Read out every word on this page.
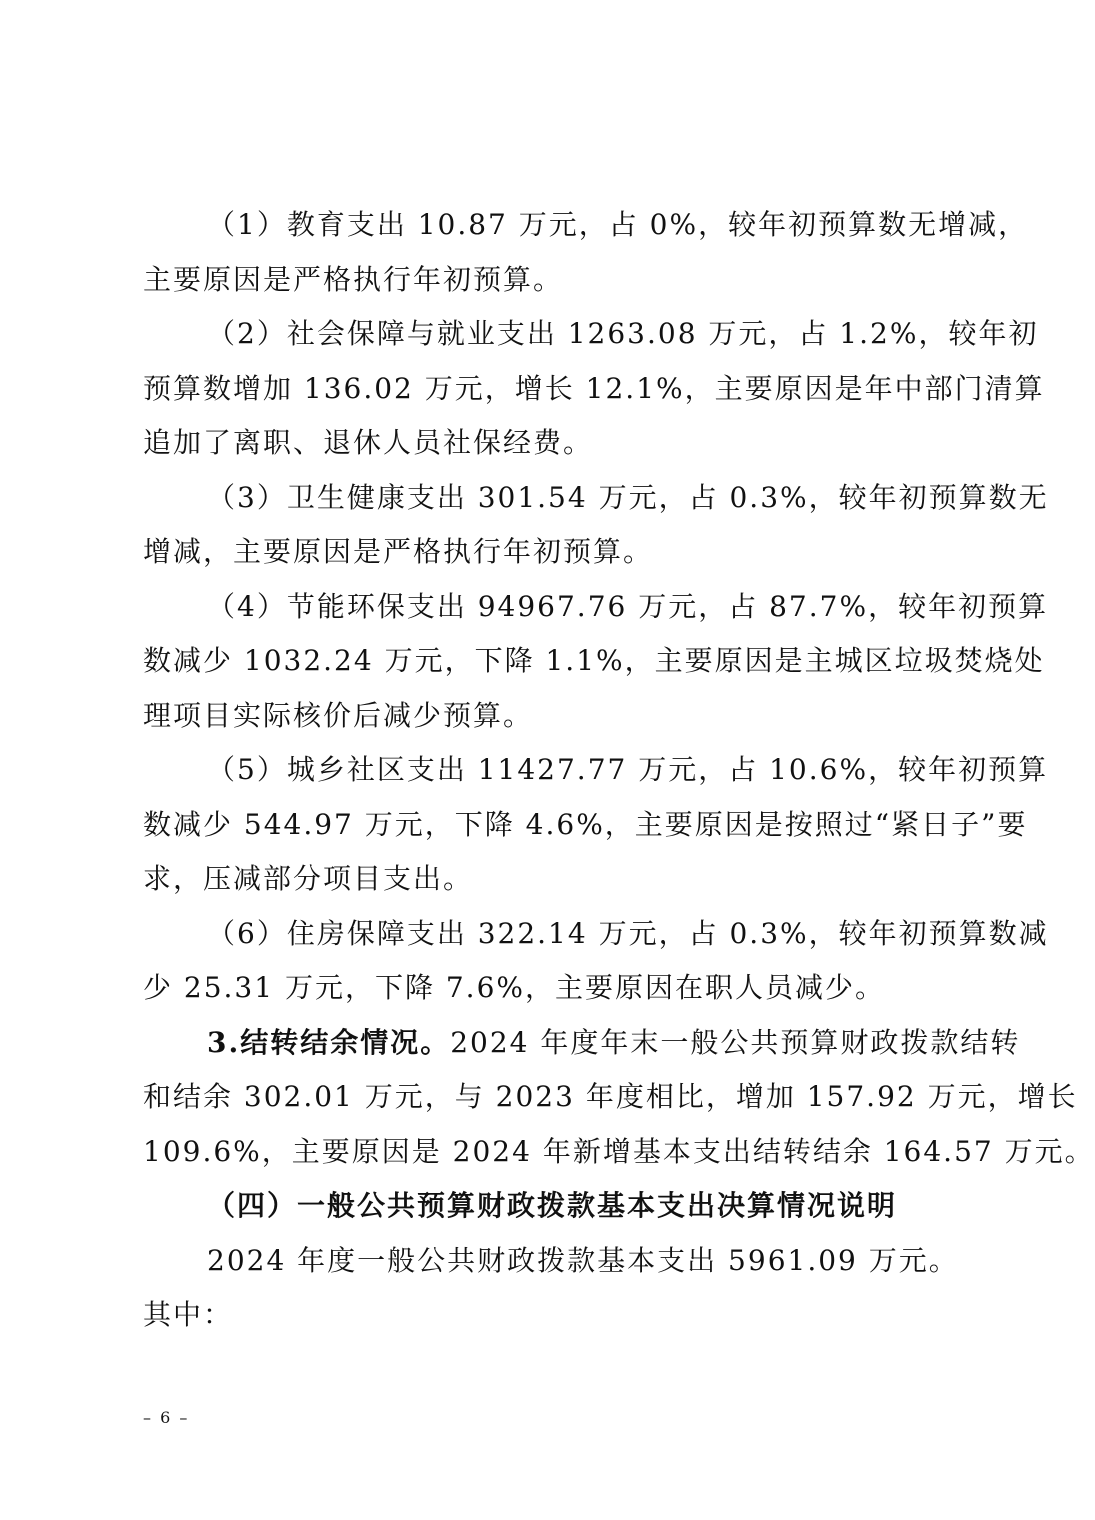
（1）教育支出 10.87 万元，占 0%，较年初预算数无增减，
主要原因是严格执行年初预算。
（2）社会保障与就业支出 1263.08 万元，占 1.2%，较年初
预算数增加 136.02 万元，增长 12.1%，主要原因是年中部门清算
追加了离职、退休人员社保经费。
（3）卫生健康支出 301.54 万元，占 0.3%，较年初预算数无
增减，主要原因是严格执行年初预算。
（4）节能环保支出 94967.76 万元，占 87.7%，较年初预算
数减少 1032.24 万元，下降 1.1%，主要原因是主城区垃圾焚烧处
理项目实际核价后减少预算。
（5）城乡社区支出 11427.77 万元，占 10.6%，较年初预算
数减少 544.97 万元，下降 4.6%，主要原因是按照过“紧日子”要
求，压减部分项目支出。
（6）住房保障支出 322.14 万元，占 0.3%，较年初预算数减
少 25.31 万元，下降 7.6%，主要原因在职人员减少。
3.结转结余情况。2024 年度年末一般公共预算财政拨款结转
和结余 302.01 万元，与 2023 年度相比，增加 157.92 万元，增长
109.6%，主要原因是 2024 年新增基本支出结转结余 164.57 万元。
（四）一般公共预算财政拨款基本支出决算情况说明
2024 年度一般公共财政拨款基本支出 5961.09 万元。
其中：
– 6 –
